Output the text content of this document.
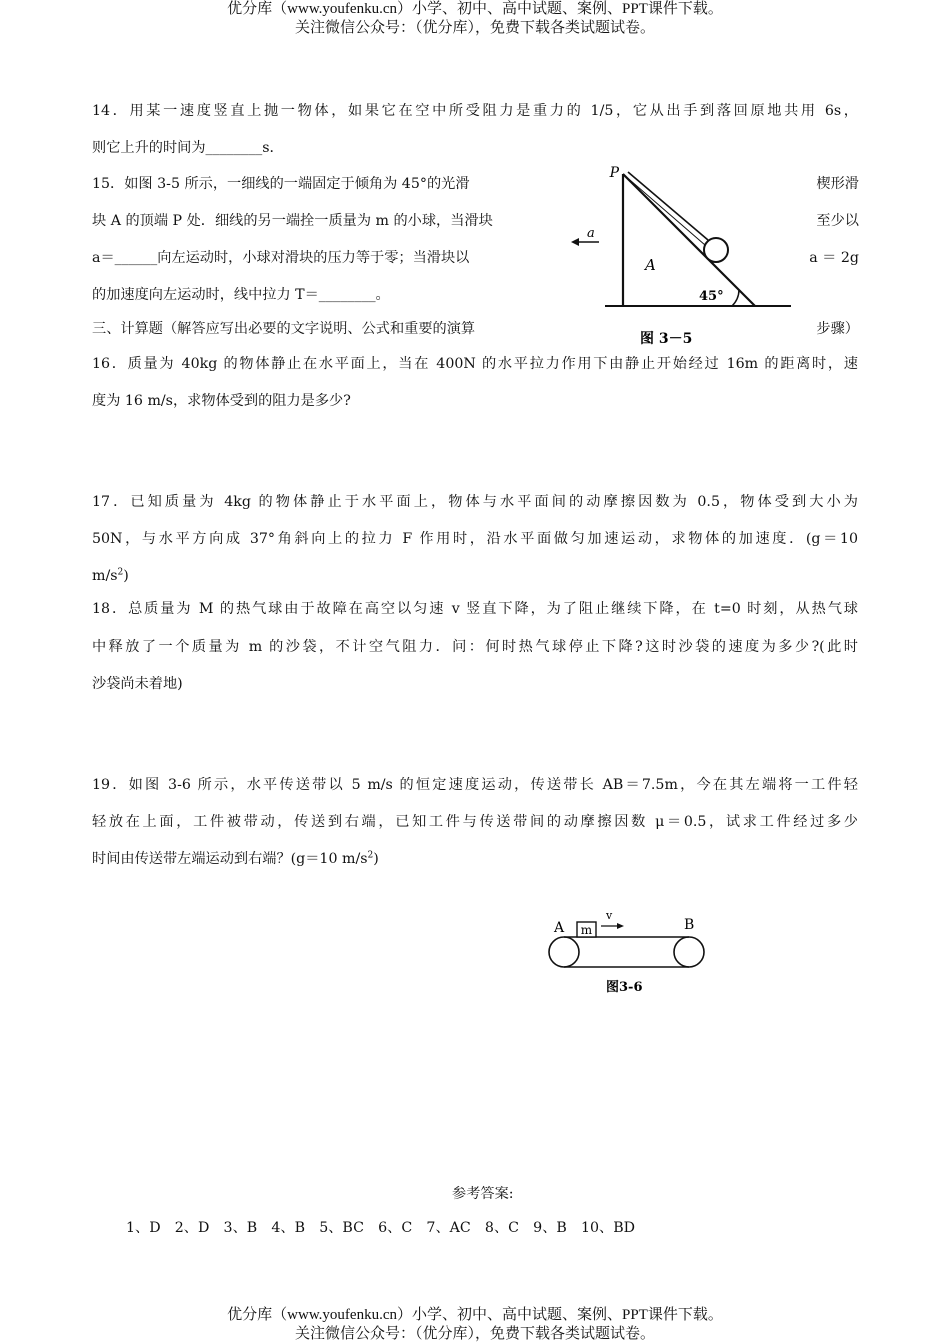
优分库（www.youfenku.cn）小学、初中、高中试题、案例、PPT课件下载。
关注微信公众号：（优分库），免费下载各类试题试卷。
14．用某一速度竖直上抛一物体，如果它在空中所受阻力是重力的 1/5，它从出手到落回原地共用 6s，
则它上升的时间为________s．
15．如图 3-5 所示，一细线的一端固定于倾角为 45°的光滑	楔形滑
块 A 的顶端 P 处．细线的另一端拴一质量为 m 的小球，当滑块	至少以
a＝______向左运动时，小球对滑块的压力等于零；当滑块以	a ＝ 2g
的加速度向左运动时，线中拉力 T＝________。
三、计算题（解答应写出必要的文字说明、公式和重要的演算	步骤）
P
a
A
45°
图 3－5
16．质量为 40kg 的物体静止在水平面上，当在 400N 的水平拉力作用下由静止开始经过 16m 的距离时，速
度为 16 m/s，求物体受到的阻力是多少?
17．已知质量为 4kg 的物体静止于水平面上，物体与水平面间的动摩擦因数为 0.5，物体受到大小为
50N，与水平方向成 37°角斜向上的拉力 F 作用时，沿水平面做匀加速运动，求物体的加速度．(g＝10
$m/s^2$)
18．总质量为 M 的热气球由于故障在高空以匀速 v 竖直下降，为了阻止继续下降，在 t=0 时刻，从热气球
中释放了一个质量为 m 的沙袋，不计空气阻力．问：何时热气球停止下降?这时沙袋的速度为多少?(此时
沙袋尚未着地)
19．如图 3-6 所示，水平传送带以 5 m/s 的恒定速度运动，传送带长 AB＝7.5m，今在其左端将一工件轻
轻放在上面，工件被带动，传送到右端，已知工件与传送带间的动摩擦因数 μ＝0.5，试求工件经过多少
时间由传送带左端运动到右端？(g＝10 $m/s^2$)
m
v
A	B
图3-6
参考答案:
1、D　2、D　3、B　4、B　5、BC　6、C　7、AC　8、C　9、B　10、BD
优分库（www.youfenku.cn）小学、初中、高中试题、案例、PPT课件下载。
关注微信公众号：（优分库），免费下载各类试题试卷。
